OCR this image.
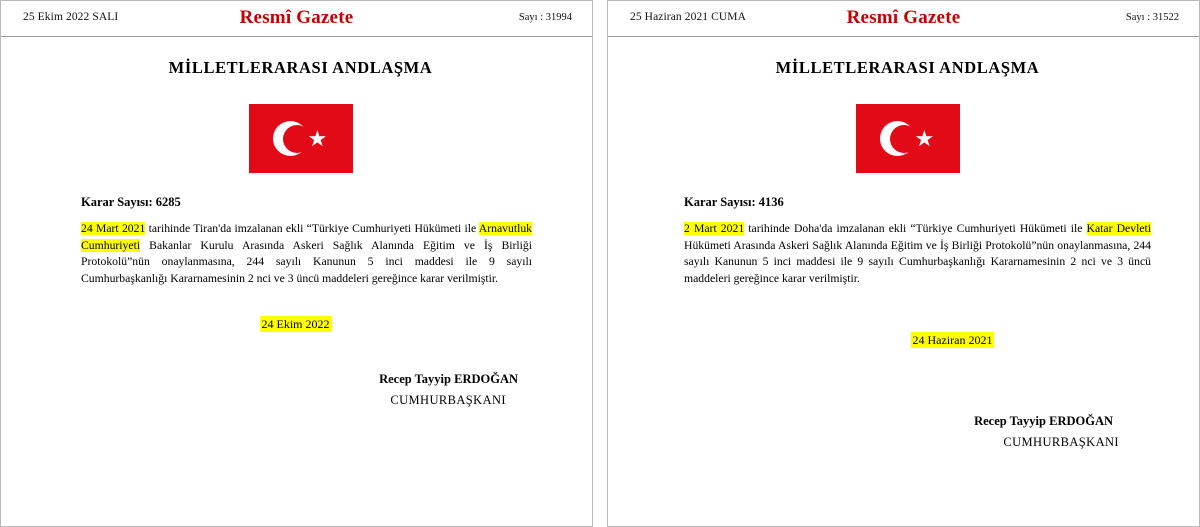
25 Ekim 2022 SALI	Resmî Gazete	Sayı : 31994
MİLLETLERARASI ANDLAŞMA
Karar Sayısı: 6285
24 Mart 2021 tarihinde Tiran'da imzalanan ekli “Türkiye Cumhuriyeti Hükümeti ile Arnavutluk Cumhuriyeti Bakanlar Kurulu Arasında Askeri Sağlık Alanında Eğitim ve İş Birliği Protokolü”nün onaylanmasına, 244 sayılı Kanunun 5 inci maddesi ile 9 sayılı Cumhurbaşkanlığı Kararnamesinin 2 nci ve 3 üncü maddeleri gereğince karar verilmiştir.
24 Ekim 2022
Recep Tayyip ERDOĞAN
CUMHURBAŞKANI
25 Haziran 2021 CUMA	Resmî Gazete	Sayı : 31522
MİLLETLERARASI ANDLAŞMA
Karar Sayısı: 4136
2 Mart 2021 tarihinde Doha'da imzalanan ekli “Türkiye Cumhuriyeti Hükümeti ile Katar Devleti Hükümeti Arasında Askeri Sağlık Alanında Eğitim ve İş Birliği Protokolü”nün onaylanmasına, 244 sayılı Kanunun 5 inci maddesi ile 9 sayılı Cumhurbaşkanlığı Kararnamesinin 2 nci ve 3 üncü maddeleri gereğince karar verilmiştir.
24 Haziran 2021
Recep Tayyip ERDOĞAN
CUMHURBAŞKANI
